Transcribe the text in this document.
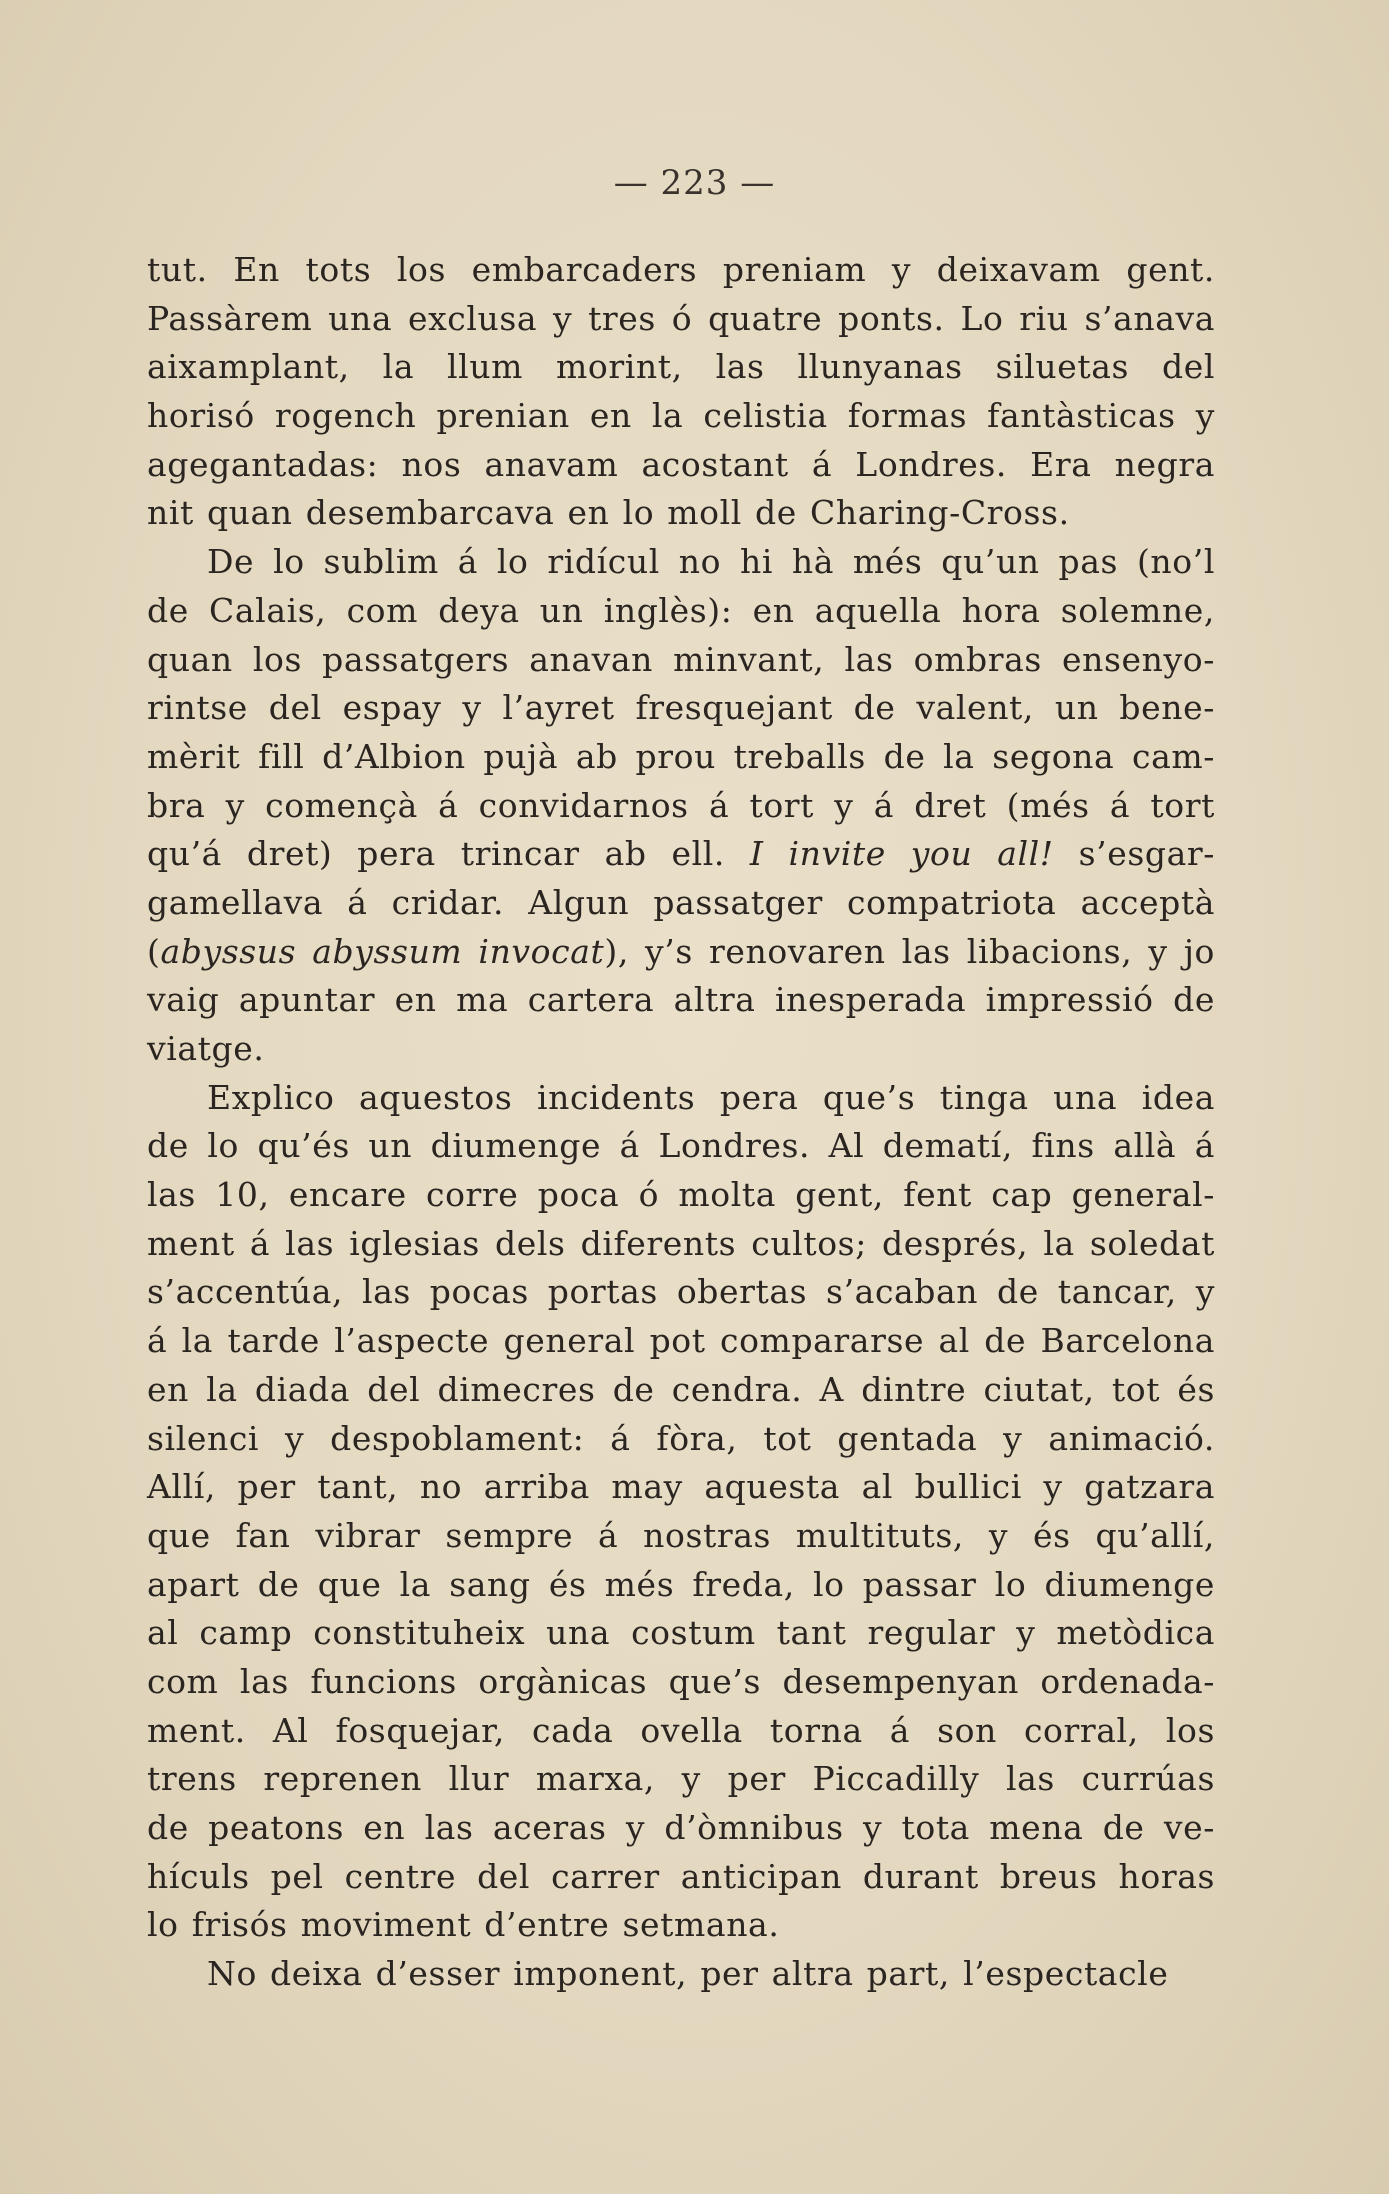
— 223 —
tut. En tots los embarcaders preniam y deixavam gent.
Passàrem una exclusa y tres ó quatre ponts. Lo riu s’anava
aixamplant, la llum morint, las llunyanas siluetas del
horisó rogench prenian en la celistia formas fantàsticas y
agegantadas: nos anavam acostant á Londres. Era negra
nit quan desembarcava en lo moll de Charing-Cross.
De lo sublim á lo ridícul no hi hà més qu’un pas (no’l
de Calais, com deya un inglès): en aquella hora solemne,
quan los passatgers anavan minvant, las ombras ensenyo-
rintse del espay y l’ayret fresquejant de valent, un bene-
mèrit fill d’Albion pujà ab prou treballs de la segona cam-
bra y començà á convidarnos á tort y á dret (més á tort
qu’á dret) pera trincar ab ell. I invite you all! s’esgar-
gamellava á cridar. Algun passatger compatriota acceptà
(abyssus abyssum invocat), y’s renovaren las libacions, y jo
vaig apuntar en ma cartera altra inesperada impressió de
viatge.
Explico aquestos incidents pera que’s tinga una idea
de lo qu’és un diumenge á Londres. Al dematí, fins allà á
las 10, encare corre poca ó molta gent, fent cap general-
ment á las iglesias dels diferents cultos; després, la soledat
s’accentúa, las pocas portas obertas s’acaban de tancar, y
á la tarde l’aspecte general pot compararse al de Barcelona
en la diada del dimecres de cendra. A dintre ciutat, tot és
silenci y despoblament: á fòra, tot gentada y animació.
Allí, per tant, no arriba may aquesta al bullici y gatzara
que fan vibrar sempre á nostras multituts, y és qu’allí,
apart de que la sang és més freda, lo passar lo diumenge
al camp constituheix una costum tant regular y metòdica
com las funcions orgànicas que’s desempenyan ordenada-
ment. Al fosquejar, cada ovella torna á son corral, los
trens reprenen llur marxa, y per Piccadilly las currúas
de peatons en las aceras y d’òmnibus y tota mena de ve-
hículs pel centre del carrer anticipan durant breus horas
lo frisós moviment d’entre setmana.
No deixa d’esser imponent, per altra part, l’espectacle
